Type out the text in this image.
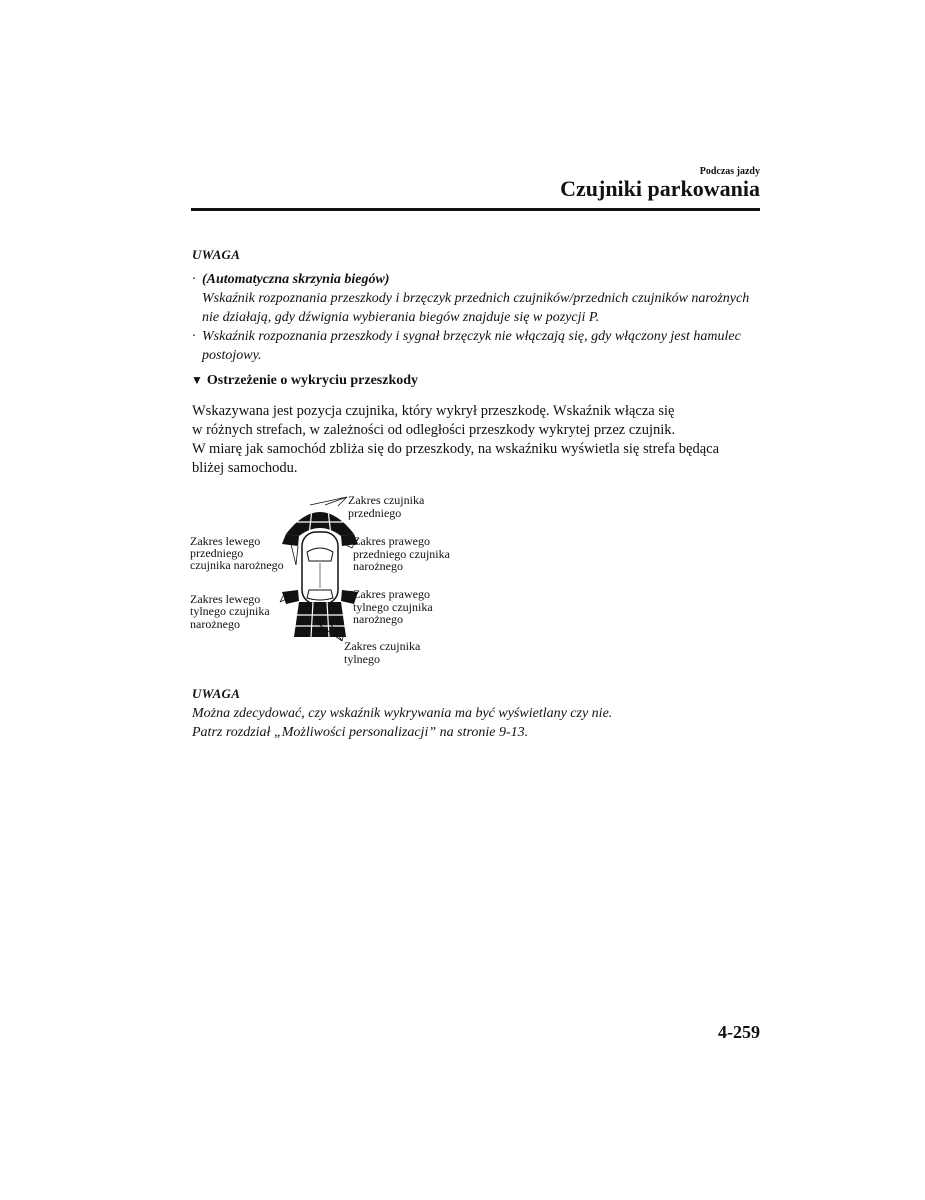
Podczas jazdy
Czujniki parkowania
UWAGA
· (Automatyczna skrzynia biegów)
Wskaźnik rozpoznania przeszkody i brzęczyk przednich czujników/przednich czujników narożnych nie działają, gdy dźwignia wybierania biegów znajduje się w pozycji P.
· Wskaźnik rozpoznania przeszkody i sygnał brzęczyk nie włączają się, gdy włączony jest hamulec postojowy.
▼ Ostrzeżenie o wykryciu przeszkody
Wskazywana jest pozycja czujnika, który wykrył przeszkodę. Wskaźnik włącza się
w różnych strefach, w zależności od odległości przeszkody wykrytej przez czujnik.
W miarę jak samochód zbliża się do przeszkody, na wskaźniku wyświetla się strefa będąca
bliżej samochodu.
Zakres czujnika przedniego
Zakres lewego przedniego czujnika narożnego
Zakres prawego przedniego czujnika narożnego
Zakres lewego tylnego czujnika narożnego
Zakres prawego tylnego czujnika narożnego
Zakres czujnika tylnego
UWAGA
Można zdecydować, czy wskaźnik wykrywania ma być wyświetlany czy nie.
Patrz rozdział „Możliwości personalizacji” na stronie 9-13.
4-259
